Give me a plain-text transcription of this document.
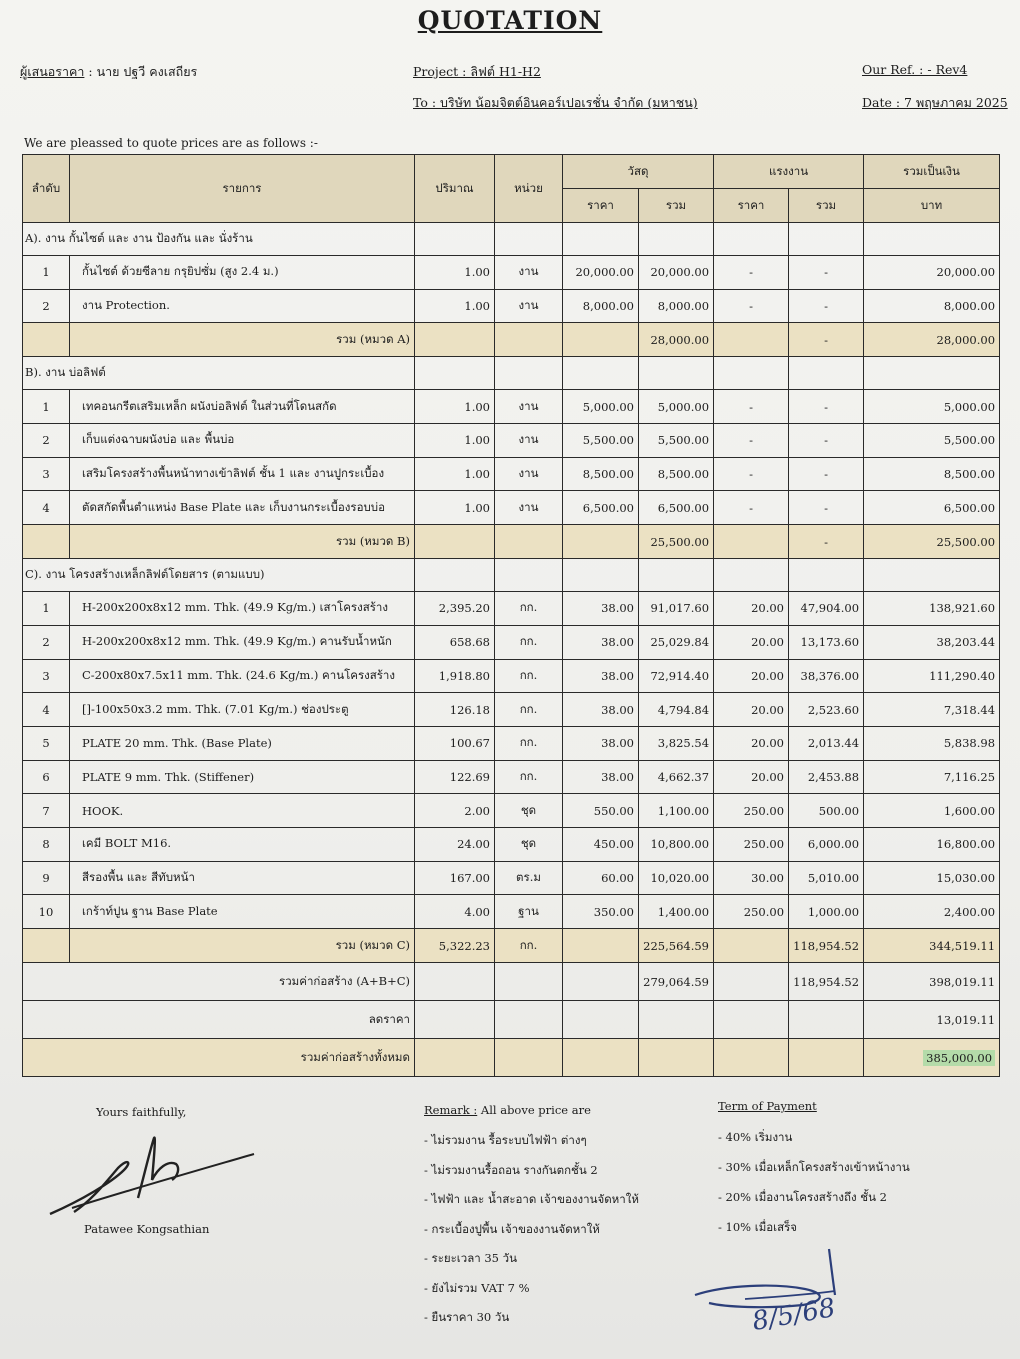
QUOTATION
ผู้เสนอราคา : นาย ปฐวี คงเสถียร	Project : ลิฟต์ H1-H2
To : บริษัท น้อมจิตต์อินคอร์เปอเรชั่น จำกัด (มหาชน)
Our Ref. : - Rev4
Date : 7 พฤษภาคม 2025
We are pleassed to quote prices are as follows :-
ลำดับ	รายการ	ปริมาณ	หน่วย	วัสดุ		แรงงาน		รวมเป็นเงิน
				ราคา	รวม	ราคา	รวม	บาท
A). งาน กั้นไซต์ และ งาน ป้องกัน และ นั่งร้าน								
1	กั้นไซต์ ด้วยซีลาย กรุยิปซั่ม (สูง 2.4 ม.)	1.00	งาน	20,000.00	20,000.00	-	-	20,000.00
2	งาน Protection.	1.00	งาน	8,000.00	8,000.00	-	-	8,000.00
	รวม (หมวด A)				28,000.00		-	28,000.00
B). งาน บ่อลิฟต์								
1	เทคอนกรีตเสริมเหล็ก ผนังบ่อลิฟต์ ในส่วนที่โดนสกัด	1.00	งาน	5,000.00	5,000.00	-	-	5,000.00
2	เก็บแต่งฉาบผนังบ่อ และ พื้นบ่อ	1.00	งาน	5,500.00	5,500.00	-	-	5,500.00
3	เสริมโครงสร้างพื้นหน้าทางเข้าลิฟต์ ชั้น 1 และ งานปูกระเบื้อง	1.00	งาน	8,500.00	8,500.00	-	-	8,500.00
4	ตัดสกัดพื้นตำแหน่ง Base Plate และ เก็บงานกระเบื้องรอบบ่อ	1.00	งาน	6,500.00	6,500.00	-	-	6,500.00
	รวม (หมวด B)				25,500.00		-	25,500.00
C). งาน โครงสร้างเหล็กลิฟต์โดยสาร (ตามแบบ)								
1	H-200x200x8x12 mm. Thk. (49.9 Kg/m.) เสาโครงสร้าง	2,395.20	กก.	38.00	91,017.60	20.00	47,904.00	138,921.60
2	H-200x200x8x12 mm. Thk. (49.9 Kg/m.) คานรับน้ำหนัก	658.68	กก.	38.00	25,029.84	20.00	13,173.60	38,203.44
3	C-200x80x7.5x11 mm. Thk. (24.6 Kg/m.) คานโครงสร้าง	1,918.80	กก.	38.00	72,914.40	20.00	38,376.00	111,290.40
4	[]-100x50x3.2 mm. Thk. (7.01 Kg/m.) ช่องประตู	126.18	กก.	38.00	4,794.84	20.00	2,523.60	7,318.44
5	PLATE 20 mm. Thk. (Base Plate)	100.67	กก.	38.00	3,825.54	20.00	2,013.44	5,838.98
6	PLATE 9 mm. Thk. (Stiffener)	122.69	กก.	38.00	4,662.37	20.00	2,453.88	7,116.25
7	HOOK.	2.00	ชุด	550.00	1,100.00	250.00	500.00	1,600.00
8	เคมี BOLT M16.	24.00	ชุด	450.00	10,800.00	250.00	6,000.00	16,800.00
9	สีรองพื้น และ สีทับหน้า	167.00	ตร.ม	60.00	10,020.00	30.00	5,010.00	15,030.00
10	เกร้าท์ปูน ฐาน Base Plate	4.00	ฐาน	350.00	1,400.00	250.00	1,000.00	2,400.00
	รวม (หมวด C)	5,322.23	กก.		225,564.59		118,954.52	344,519.11
รวมค่าก่อสร้าง (A+B+C)					279,064.59		118,954.52	398,019.11
ลดราคา								13,019.11
รวมค่าก่อสร้างทั้งหมด								385,000.00
Yours faithfully,
Patawee Kongsathian
Remark : All above price are
- ไม่รวมงาน รื้อระบบไฟฟ้า ต่างๆ
- ไม่รวมงานรื้อถอน รางกันตกชั้น 2
- ไฟฟ้า และ น้ำสะอาด เจ้าของงานจัดหาให้
- กระเบื้องปูพื้น เจ้าของงานจัดหาให้
- ระยะเวลา 35 วัน
- ยังไม่รวม VAT 7 %
- ยืนราคา 30 วัน
Term of Payment
- 40% เริ่มงาน
- 30% เมื่อเหล็กโครงสร้างเข้าหน้างาน
- 20% เมื่องานโครงสร้างถึง ชั้น 2
- 10% เมื่อเสร็จ
8/5/68
